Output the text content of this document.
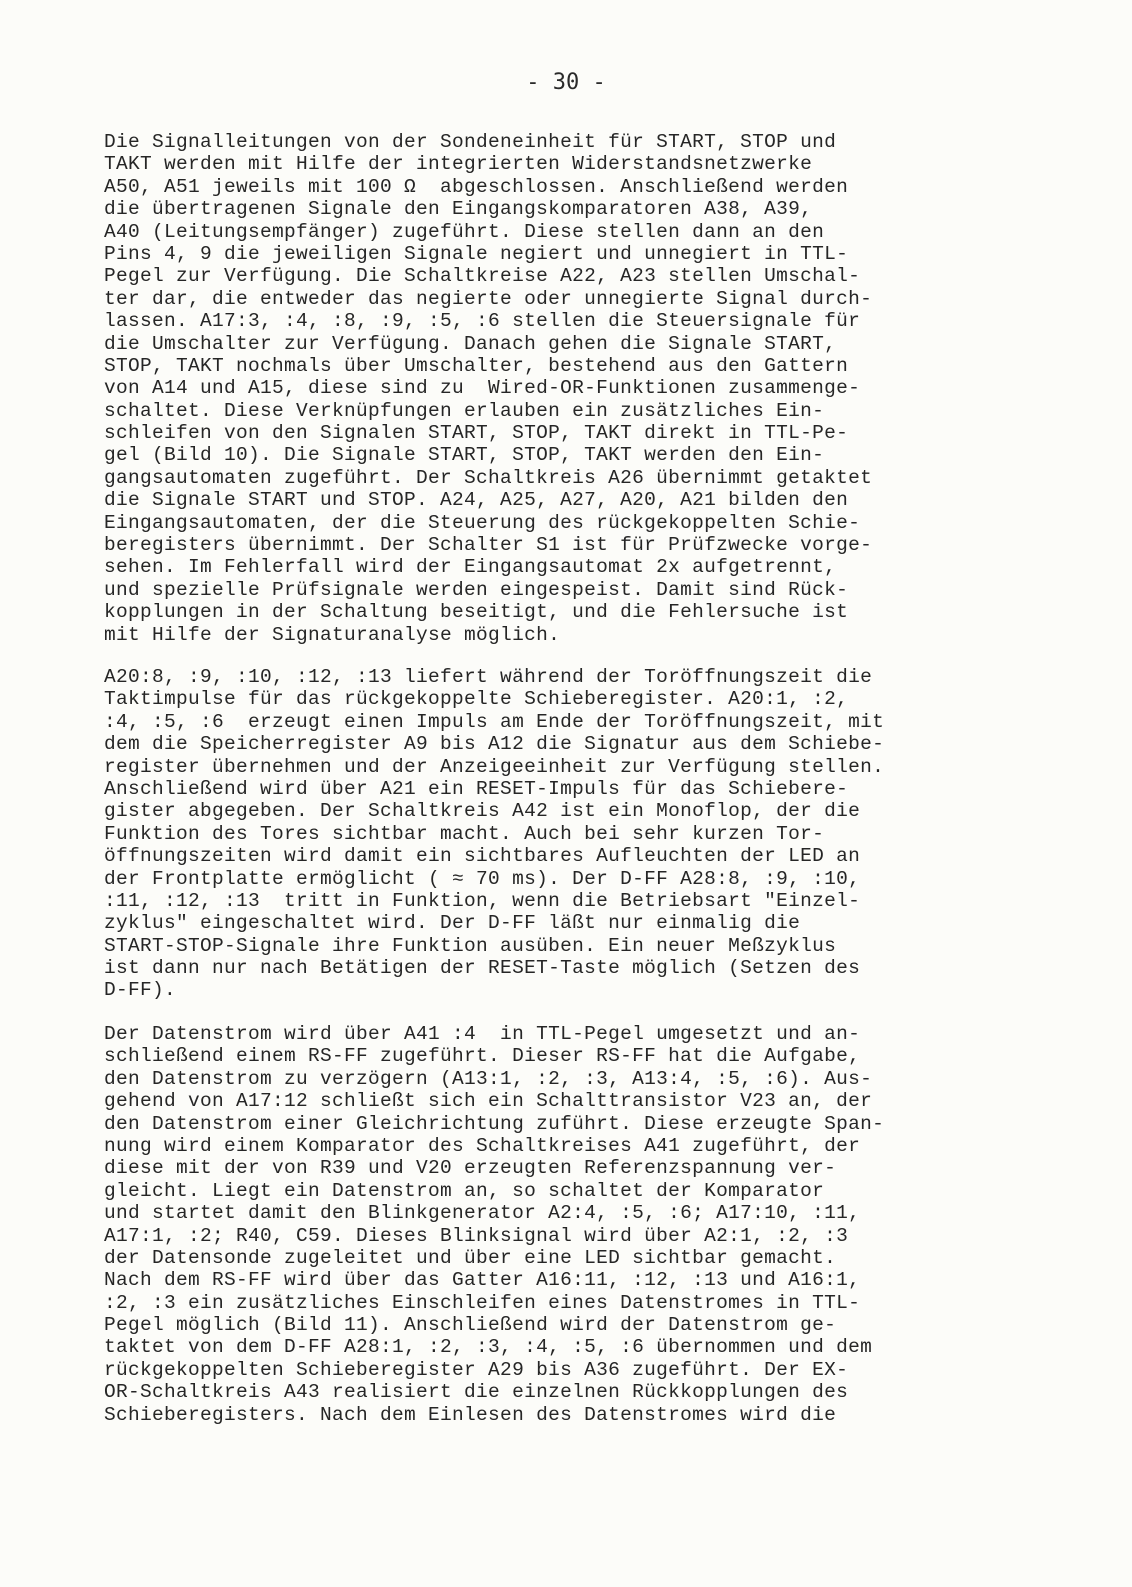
- 30 -
Die Signalleitungen von der Sondeneinheit für START, STOP und
TAKT werden mit Hilfe der integrierten Widerstandsnetzwerke
A50, A51 jeweils mit 100 Ω  abgeschlossen. Anschließend werden
die übertragenen Signale den Eingangskomparatoren A38, A39,
A40 (Leitungsempfänger) zugeführt. Diese stellen dann an den
Pins 4, 9 die jeweiligen Signale negiert und unnegiert in TTL-
Pegel zur Verfügung. Die Schaltkreise A22, A23 stellen Umschal-
ter dar, die entweder das negierte oder unnegierte Signal durch-
lassen. A17:3, :4, :8, :9, :5, :6 stellen die Steuersignale für
die Umschalter zur Verfügung. Danach gehen die Signale START,
STOP, TAKT nochmals über Umschalter, bestehend aus den Gattern
von A14 und A15, diese sind zu  Wired-OR-Funktionen zusammenge-
schaltet. Diese Verknüpfungen erlauben ein zusätzliches Ein-
schleifen von den Signalen START, STOP, TAKT direkt in TTL-Pe-
gel (Bild 10). Die Signale START, STOP, TAKT werden den Ein-
gangsautomaten zugeführt. Der Schaltkreis A26 übernimmt getaktet
die Signale START und STOP. A24, A25, A27, A20, A21 bilden den
Eingangsautomaten, der die Steuerung des rückgekoppelten Schie-
beregisters übernimmt. Der Schalter S1 ist für Prüfzwecke vorge-
sehen. Im Fehlerfall wird der Eingangsautomat 2x aufgetrennt,
und spezielle Prüfsignale werden eingespeist. Damit sind Rück-
kopplungen in der Schaltung beseitigt, und die Fehlersuche ist
mit Hilfe der Signaturanalyse möglich.
A20:8, :9, :10, :12, :13 liefert während der Toröffnungszeit die
Taktimpulse für das rückgekoppelte Schieberegister. A20:1, :2,
:4, :5, :6  erzeugt einen Impuls am Ende der Toröffnungszeit, mit
dem die Speicherregister A9 bis A12 die Signatur aus dem Schiebe-
register übernehmen und der Anzeigeeinheit zur Verfügung stellen.
Anschließend wird über A21 ein RESET-Impuls für das Schiebere-
gister abgegeben. Der Schaltkreis A42 ist ein Monoflop, der die
Funktion des Tores sichtbar macht. Auch bei sehr kurzen Tor-
öffnungszeiten wird damit ein sichtbares Aufleuchten der LED an
der Frontplatte ermöglicht ( ≈ 70 ms). Der D-FF A28:8, :9, :10,
:11, :12, :13  tritt in Funktion, wenn die Betriebsart "Einzel-
zyklus" eingeschaltet wird. Der D-FF läßt nur einmalig die
START-STOP-Signale ihre Funktion ausüben. Ein neuer Meßzyklus
ist dann nur nach Betätigen der RESET-Taste möglich (Setzen des
D-FF).
Der Datenstrom wird über A41 :4  in TTL-Pegel umgesetzt und an-
schließend einem RS-FF zugeführt. Dieser RS-FF hat die Aufgabe,
den Datenstrom zu verzögern (A13:1, :2, :3, A13:4, :5, :6). Aus-
gehend von A17:12 schließt sich ein Schalttransistor V23 an, der
den Datenstrom einer Gleichrichtung zuführt. Diese erzeugte Span-
nung wird einem Komparator des Schaltkreises A41 zugeführt, der
diese mit der von R39 und V20 erzeugten Referenzspannung ver-
gleicht. Liegt ein Datenstrom an, so schaltet der Komparator
und startet damit den Blinkgenerator A2:4, :5, :6; A17:10, :11,
A17:1, :2; R40, C59. Dieses Blinksignal wird über A2:1, :2, :3
der Datensonde zugeleitet und über eine LED sichtbar gemacht.
Nach dem RS-FF wird über das Gatter A16:11, :12, :13 und A16:1,
:2, :3 ein zusätzliches Einschleifen eines Datenstromes in TTL-
Pegel möglich (Bild 11). Anschließend wird der Datenstrom ge-
taktet von dem D-FF A28:1, :2, :3, :4, :5, :6 übernommen und dem
rückgekoppelten Schieberegister A29 bis A36 zugeführt. Der EX-
OR-Schaltkreis A43 realisiert die einzelnen Rückkopplungen des
Schieberegisters. Nach dem Einlesen des Datenstromes wird die
